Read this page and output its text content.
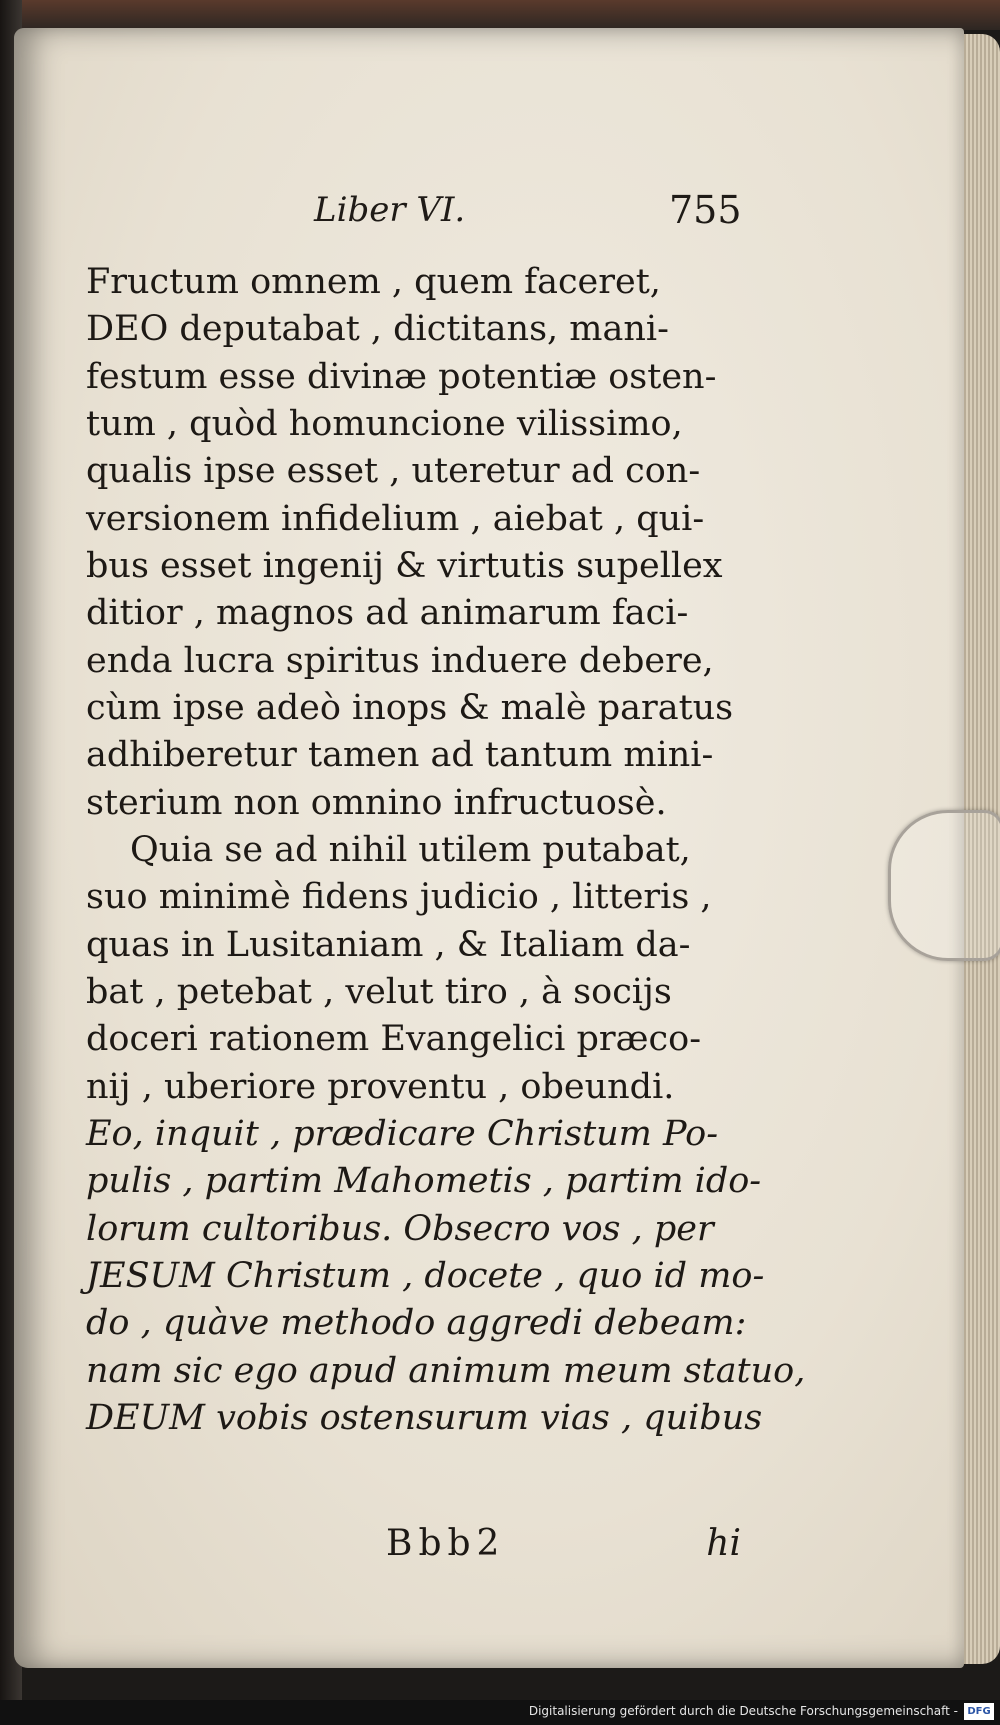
Liber VI.	755
Fructum omnem , quem faceret,
DEO deputabat , dictitans, mani-
festum esse divinæ potentiæ osten-
tum , quòd homuncione vilissimo,
qualis ipse esset , uteretur ad con-
versionem infidelium , aiebat , qui-
bus esset ingenij & virtutis supellex
ditior , magnos ad animarum faci-
enda lucra spiritus induere debere,
cùm ipse adeò inops & malè paratus
adhiberetur tamen ad tantum mini-
sterium non omnino infructuosè.
Quia se ad nihil utilem putabat,
suo minimè fidens judicio , litteris ,
quas in Lusitaniam , & Italiam da-
bat , petebat , velut tiro , à socijs
doceri rationem Evangelici præco-
nij , uberiore proventu , obeundi.
Eo, inquit , prædicare Christum Po-
pulis , partim Mahometis , partim ido-
lorum cultoribus. Obsecro vos , per
JESUM Christum , docete , quo id mo-
do , quàve methodo aggredi debeam:
nam sic ego apud animum meum statuo,
DEUM vobis ostensurum vias , quibus
Bbb2	hi
Digitalisierung gefördert durch die Deutsche Forschungsgemeinschaft - DFG
